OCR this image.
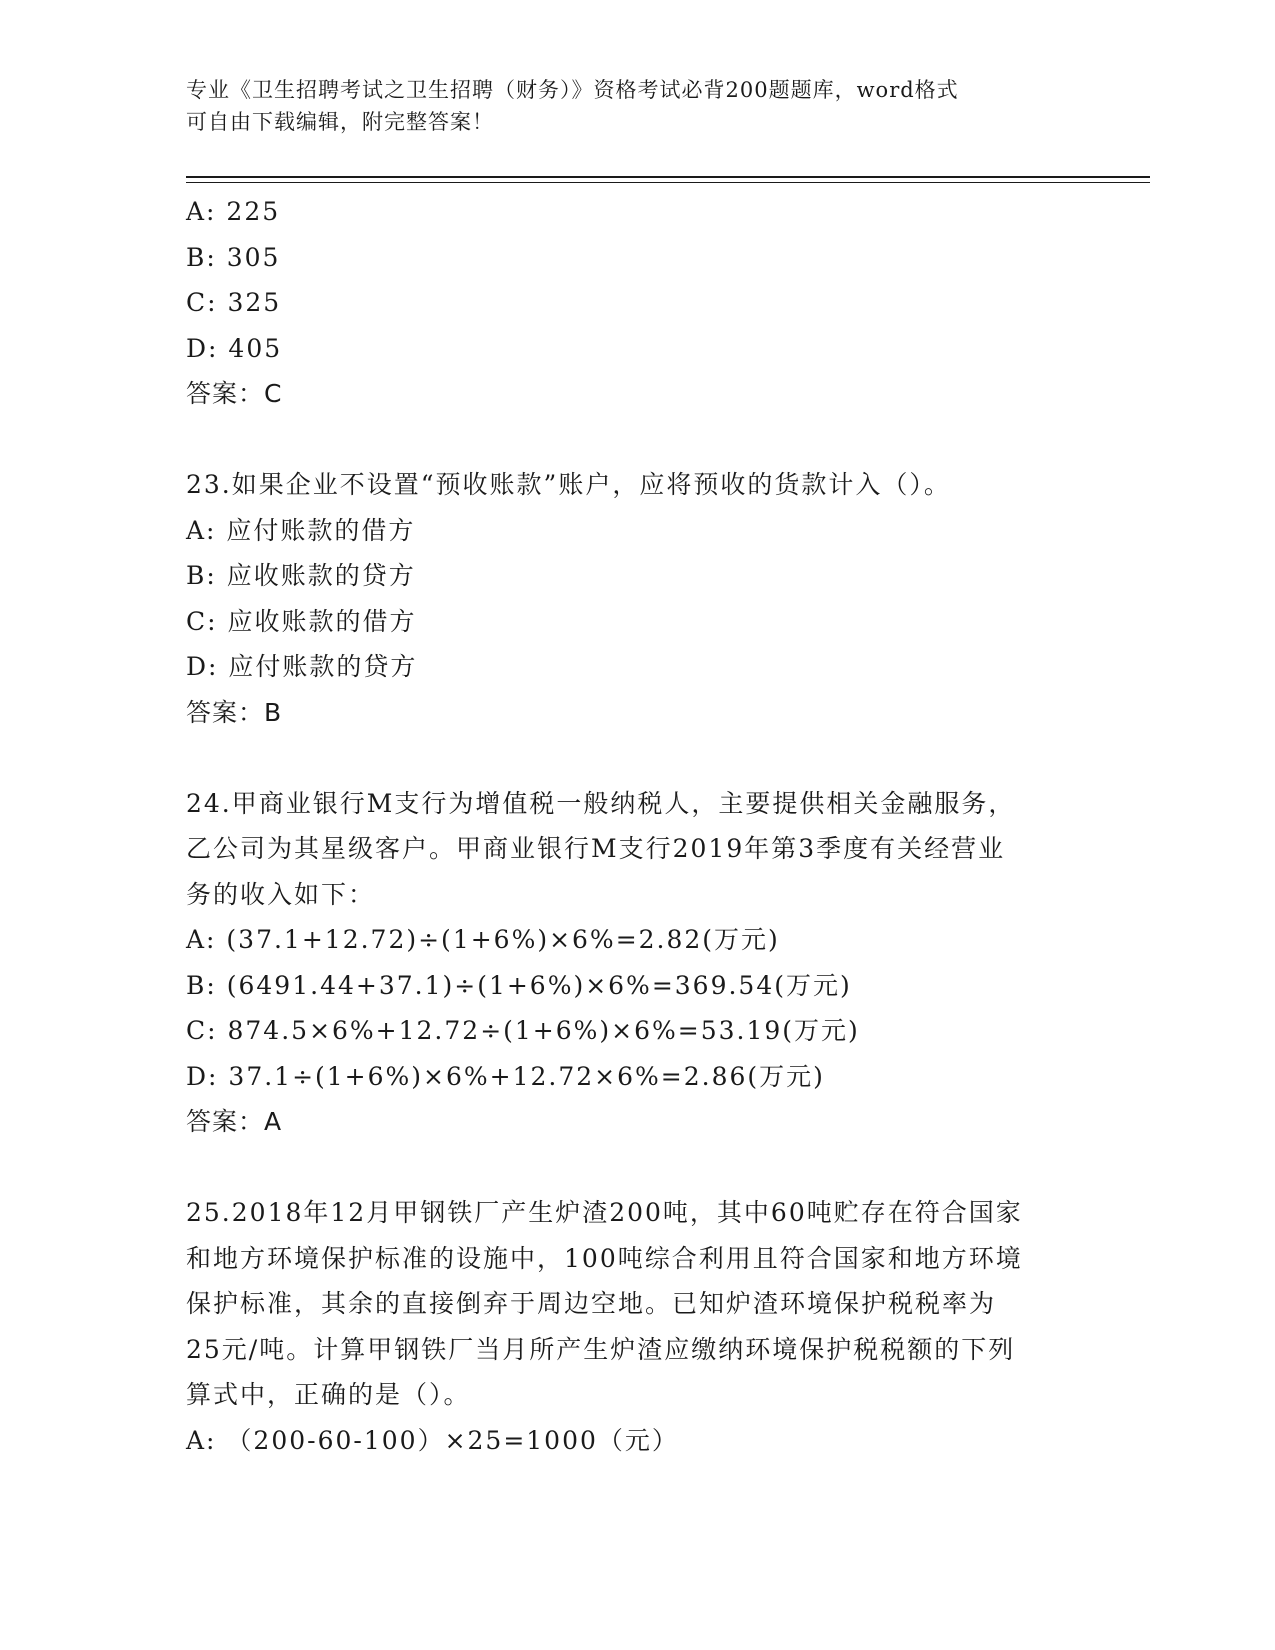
专业《卫生招聘考试之卫生招聘（财务）》资格考试必背200题题库，word格式
可自由下载编辑，附完整答案！
A: 225
B: 305
C: 325
D: 405
答案：C
23.如果企业不设置“预收账款”账户，应将预收的货款计入（）。
A: 应付账款的借方
B: 应收账款的贷方
C: 应收账款的借方
D: 应付账款的贷方
答案：B
24.甲商业银行M支行为增值税一般纳税人，主要提供相关金融服务，
乙公司为其星级客户。甲商业银行M支行2019年第3季度有关经营业
务的收入如下：
A: (37.1+12.72)÷(1+6%)×6%=2.82(万元)
B: (6491.44+37.1)÷(1+6%)×6%=369.54(万元)
C: 874.5×6%+12.72÷(1+6%)×6%=53.19(万元)
D: 37.1÷(1+6%)×6%+12.72×6%=2.86(万元)
答案：A
25.2018年12月甲钢铁厂产生炉渣200吨，其中60吨贮存在符合国家
和地方环境保护标准的设施中，100吨综合利用且符合国家和地方环境
保护标准，其余的直接倒弃于周边空地。已知炉渣环境保护税税率为
25元/吨。计算甲钢铁厂当月所产生炉渣应缴纳环境保护税税额的下列
算式中，正确的是（）。
A: （200-60-100）×25=1000（元）
